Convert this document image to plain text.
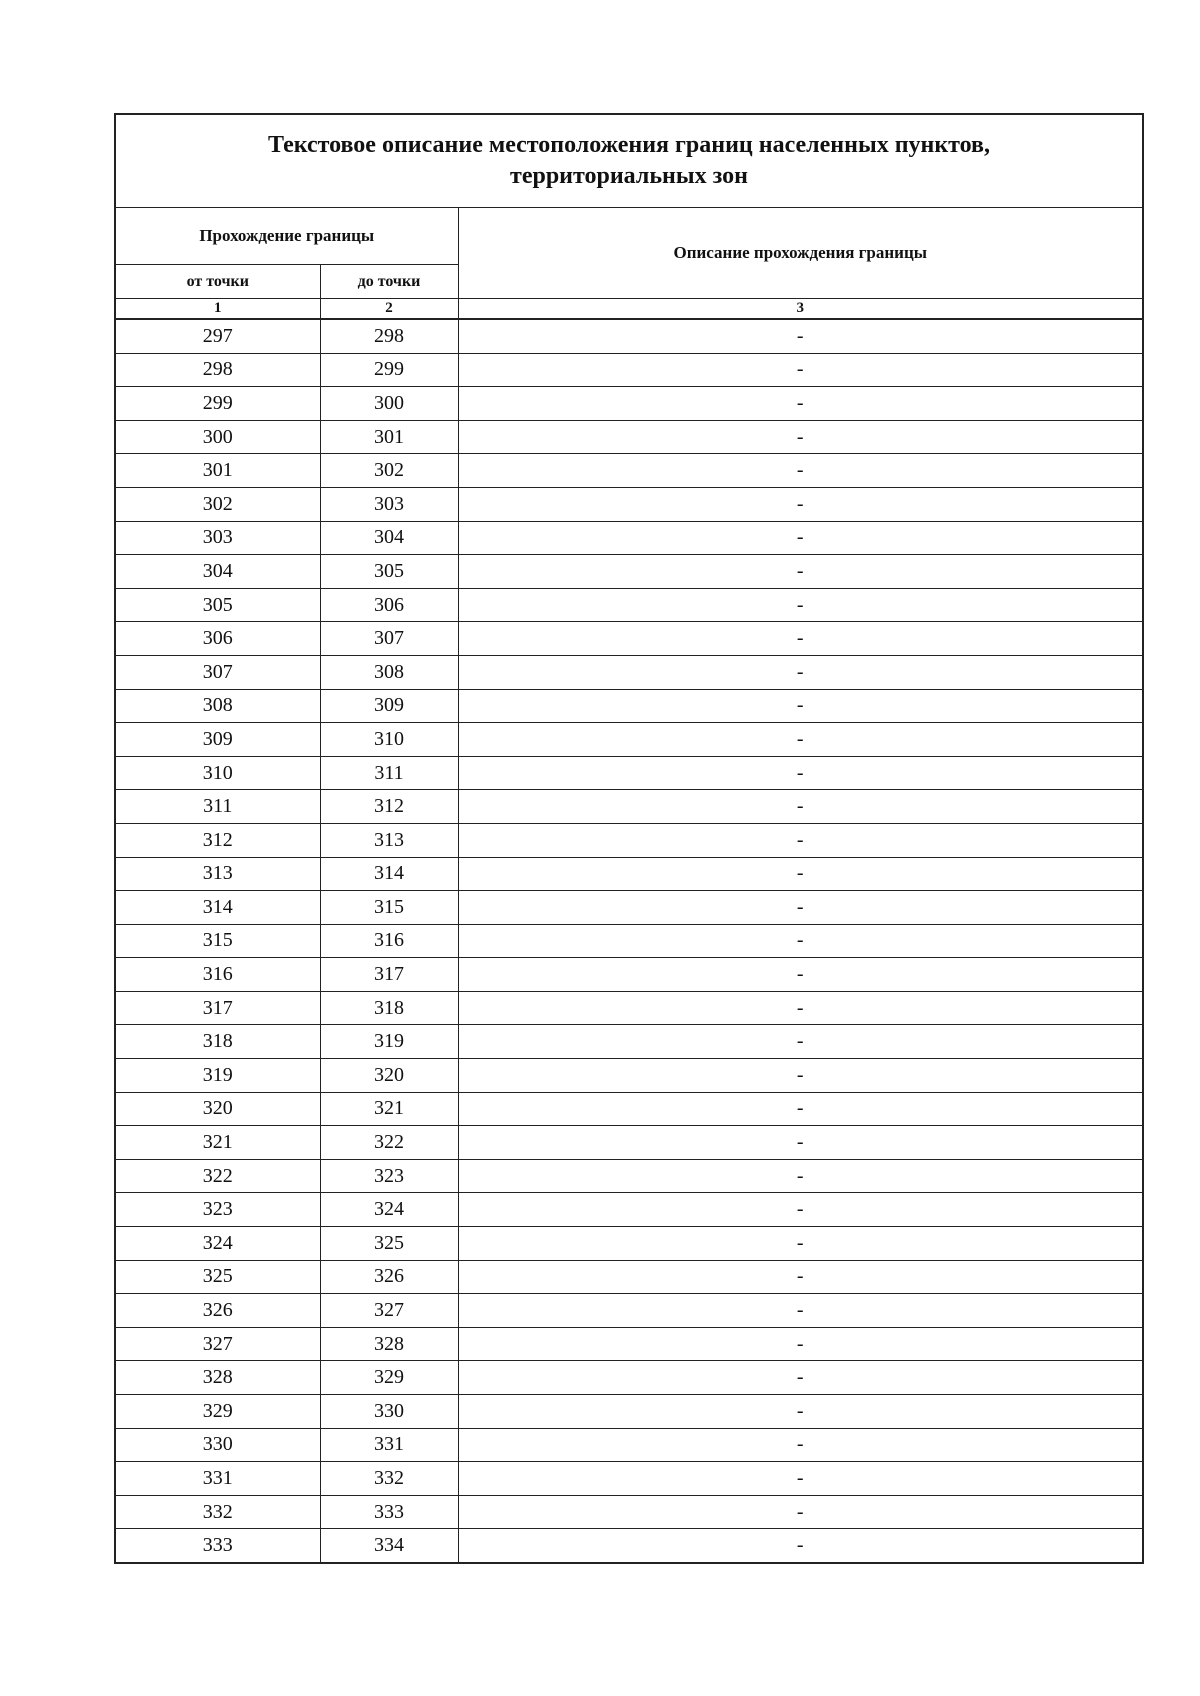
Текстовое описание местоположения границ населенных пунктов,
территориальных зон		

Прохождение границы		Описание прохождения границы
от точки	до точки	
1	2	3
297	298	-
298	299	-
299	300	-
300	301	-
301	302	-
302	303	-
303	304	-
304	305	-
305	306	-
306	307	-
307	308	-
308	309	-
309	310	-
310	311	-
311	312	-
312	313	-
313	314	-
314	315	-
315	316	-
316	317	-
317	318	-
318	319	-
319	320	-
320	321	-
321	322	-
322	323	-
323	324	-
324	325	-
325	326	-
326	327	-
327	328	-
328	329	-
329	330	-
330	331	-
331	332	-
332	333	-
333	334	-
